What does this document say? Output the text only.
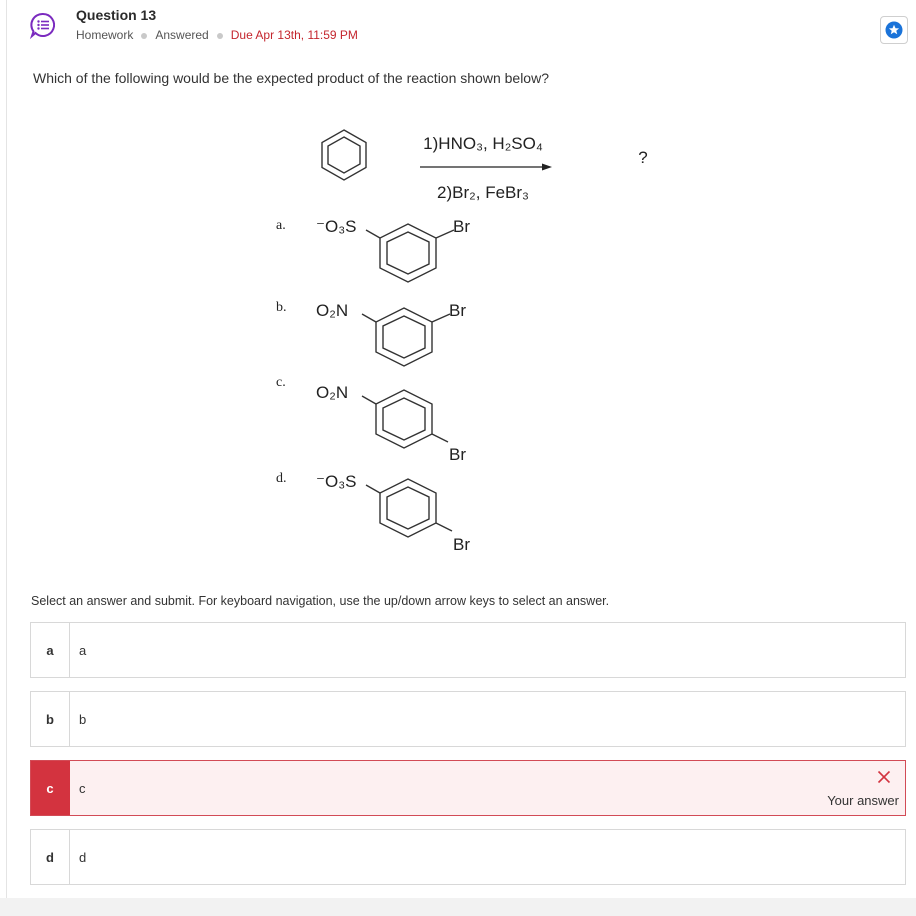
Question 13
Homework Answered Due Apr 13th, 11:59 PM
Which of the following would be the expected product of the reaction shown below?
1)HNO₃, H₂SO₄
2)Br₂, FeBr₃
?
a. ⁻O₃S	Br
b. O₂N	Br
c.
O₂N
Br
d. ⁻O₃S
Br
Select an answer and submit. For keyboard navigation, use the up/down arrow keys to select an answer.
a	a
b	b
c	c
Your answer
d	d
